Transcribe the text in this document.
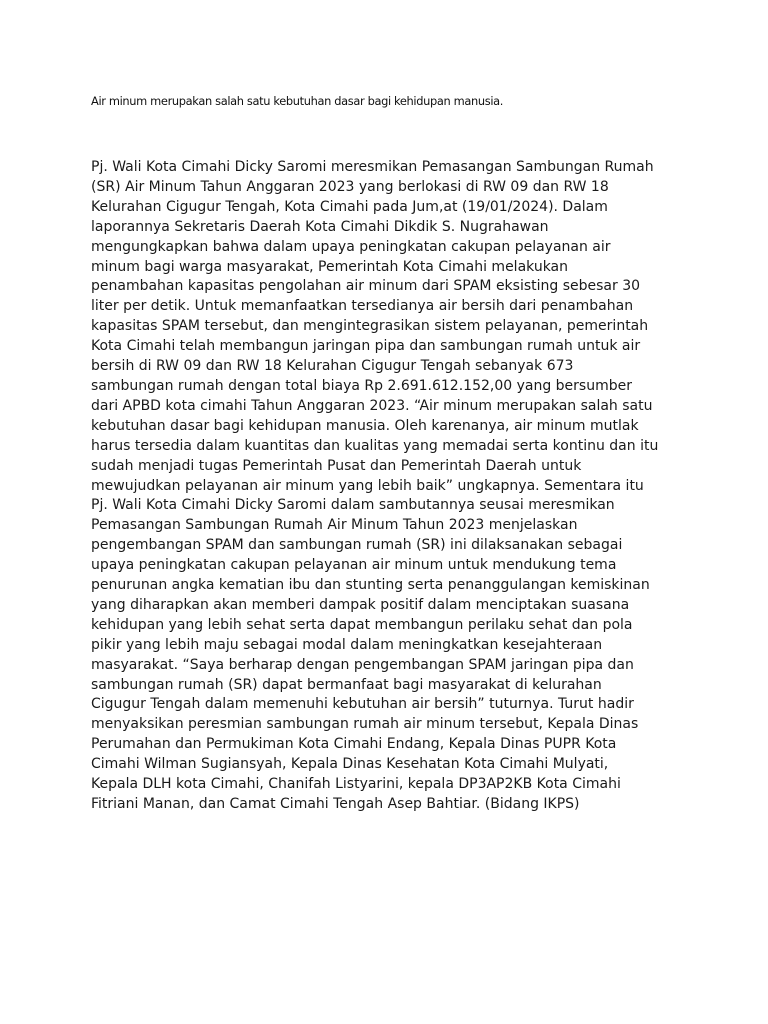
Air minum merupakan salah satu kebutuhan dasar bagi kehidupan manusia.

Pj. Wali Kota Cimahi Dicky Saromi meresmikan Pemasangan Sambungan Rumah
(SR) Air Minum Tahun Anggaran 2023 yang berlokasi di RW 09 dan RW 18
Kelurahan Cigugur Tengah, Kota Cimahi pada Jum,at (19/01/2024). Dalam
laporannya Sekretaris Daerah Kota Cimahi Dikdik S. Nugrahawan
mengungkapkan bahwa dalam upaya peningkatan cakupan pelayanan air
minum bagi warga masyarakat, Pemerintah Kota Cimahi melakukan
penambahan kapasitas pengolahan air minum dari SPAM eksisting sebesar 30
liter per detik. Untuk memanfaatkan tersedianya air bersih dari penambahan
kapasitas SPAM tersebut, dan mengintegrasikan sistem pelayanan, pemerintah
Kota Cimahi telah membangun jaringan pipa dan sambungan rumah untuk air
bersih di RW 09 dan RW 18 Kelurahan Cigugur Tengah sebanyak 673
sambungan rumah dengan total biaya Rp 2.691.612.152,00 yang bersumber
dari APBD kota cimahi Tahun Anggaran 2023. “Air minum merupakan salah satu
kebutuhan dasar bagi kehidupan manusia. Oleh karenanya, air minum mutlak
harus tersedia dalam kuantitas dan kualitas yang memadai serta kontinu dan itu
sudah menjadi tugas Pemerintah Pusat dan Pemerintah Daerah untuk
mewujudkan pelayanan air minum yang lebih baik” ungkapnya. Sementara itu
Pj. Wali Kota Cimahi Dicky Saromi dalam sambutannya seusai meresmikan
Pemasangan Sambungan Rumah Air Minum Tahun 2023 menjelaskan
pengembangan SPAM dan sambungan rumah (SR) ini dilaksanakan sebagai
upaya peningkatan cakupan pelayanan air minum untuk mendukung tema
penurunan angka kematian ibu dan stunting serta penanggulangan kemiskinan
yang diharapkan akan memberi dampak positif dalam menciptakan suasana
kehidupan yang lebih sehat serta dapat membangun perilaku sehat dan pola
pikir yang lebih maju sebagai modal dalam meningkatkan kesejahteraan
masyarakat. “Saya berharap dengan pengembangan SPAM jaringan pipa dan
sambungan rumah (SR) dapat bermanfaat bagi masyarakat di kelurahan
Cigugur Tengah dalam memenuhi kebutuhan air bersih” tuturnya. Turut hadir
menyaksikan peresmian sambungan rumah air minum tersebut, Kepala Dinas
Perumahan dan Permukiman Kota Cimahi Endang, Kepala Dinas PUPR Kota
Cimahi Wilman Sugiansyah, Kepala Dinas Kesehatan Kota Cimahi Mulyati,
Kepala DLH kota Cimahi, Chanifah Listyarini, kepala DP3AP2KB Kota Cimahi
Fitriani Manan, dan Camat Cimahi Tengah Asep Bahtiar. (Bidang IKPS)
